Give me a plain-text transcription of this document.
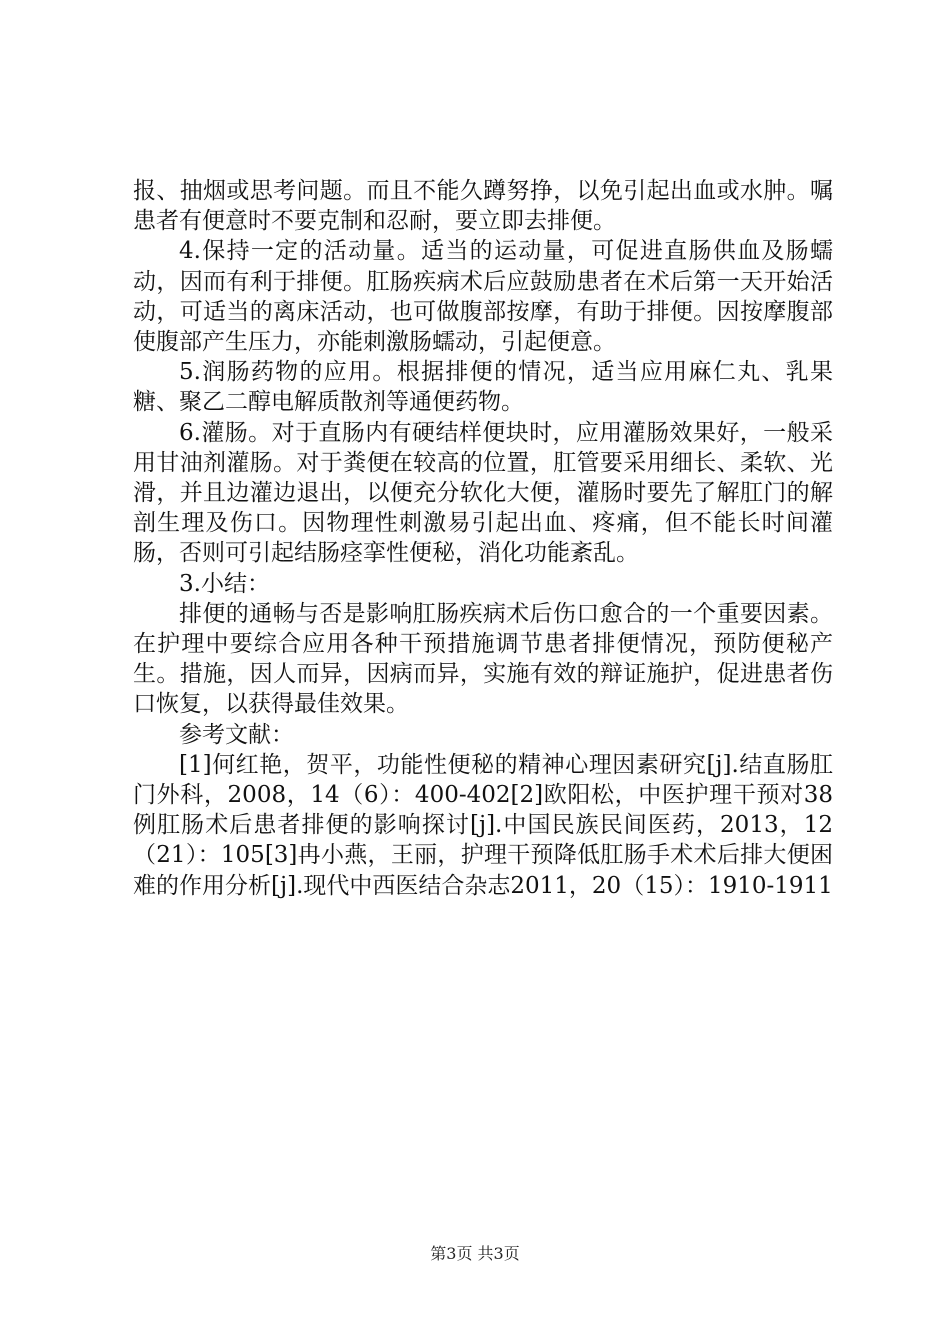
报、抽烟或思考问题。而且不能久蹲努挣，以免引起出血或水肿。嘱患者有便意时不要克制和忍耐，要立即去排便。

4.保持一定的活动量。适当的运动量，可促进直肠供血及肠蠕动，因而有利于排便。肛肠疾病术后应鼓励患者在术后第一天开始活动，可适当的离床活动，也可做腹部按摩，有助于排便。因按摩腹部使腹部产生压力，亦能刺激肠蠕动，引起便意。

5.润肠药物的应用。根据排便的情况，适当应用麻仁丸、乳果糖、聚乙二醇电解质散剂等通便药物。

6.灌肠。对于直肠内有硬结样便块时，应用灌肠效果好，一般采用甘油剂灌肠。对于粪便在较高的位置，肛管要采用细长、柔软、光滑，并且边灌边退出，以便充分软化大便，灌肠时要先了解肛门的解剖生理及伤口。因物理性刺激易引起出血、疼痛，但不能长时间灌肠，否则可引起结肠痉挛性便秘，消化功能紊乱。

3.小结：

排便的通畅与否是影响肛肠疾病术后伤口愈合的一个重要因素。在护理中要综合应用各种干预措施调节患者排便情况，预防便秘产生。措施，因人而异，因病而异，实施有效的辩证施护，促进患者伤口恢复，以获得最佳效果。

参考文献：

[1]何红艳，贺平，功能性便秘的精神心理因素研究[j].结直肠肛门外科，2008，14（6）：400-402[2]欧阳松，中医护理干预对38例肛肠术后患者排便的影响探讨[j].中国民族民间医药，2013，12（21）：105[3]冉小燕，王丽，护理干预降低肛肠手术术后排大便困难的作用分析[j].现代中西医结合杂志2011，20（15）：1910-1911

第3页 共3页
